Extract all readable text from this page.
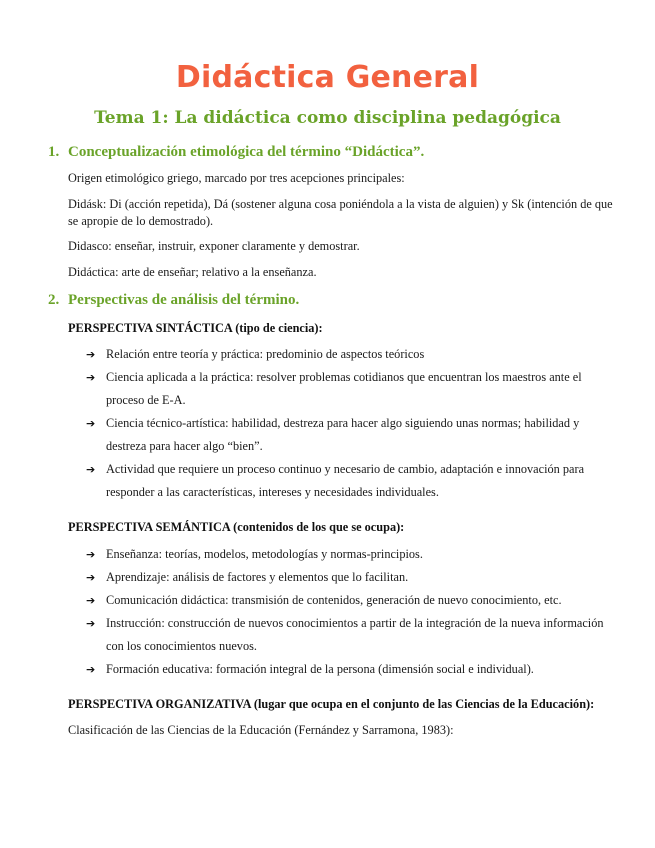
Didáctica General
Tema 1: La didáctica como disciplina pedagógica
1. Conceptualización etimológica del término “Didáctica”.

Origen etimológico griego, marcado por tres acepciones principales:

Didásk: Di (acción repetida), Dá (sostener alguna cosa poniéndola a la vista de alguien) y Sk (intención de que se apropie de lo demostrado).

Didasco: enseñar, instruir, exponer claramente y demostrar.

Didáctica: arte de enseñar; relativo a la enseñanza.

2. Perspectivas de análisis del término.

PERSPECTIVA SINTÁCTICA (tipo de ciencia):

➔ Relación entre teoría y práctica: predominio de aspectos teóricos
➔ Ciencia aplicada a la práctica: resolver problemas cotidianos que encuentran los maestros ante el proceso de E-A.
➔ Ciencia técnico-artística: habilidad, destreza para hacer algo siguiendo unas normas; habilidad y destreza para hacer algo “bien”.
➔ Actividad que requiere un proceso continuo y necesario de cambio, adaptación e innovación para responder a las características, intereses y necesidades individuales.

PERSPECTIVA SEMÁNTICA (contenidos de los que se ocupa):

➔ Enseñanza: teorías, modelos, metodologías y normas-principios.
➔ Aprendizaje: análisis de factores y elementos que lo facilitan.
➔ Comunicación didáctica: transmisión de contenidos, generación de nuevo conocimiento, etc.
➔ Instrucción: construcción de nuevos conocimientos a partir de la integración de la nueva información con los conocimientos nuevos.
➔ Formación educativa: formación integral de la persona (dimensión social e individual).

PERSPECTIVA ORGANIZATIVA (lugar que ocupa en el conjunto de las Ciencias de la Educación):

Clasificación de las Ciencias de la Educación (Fernández y Sarramona, 1983):
